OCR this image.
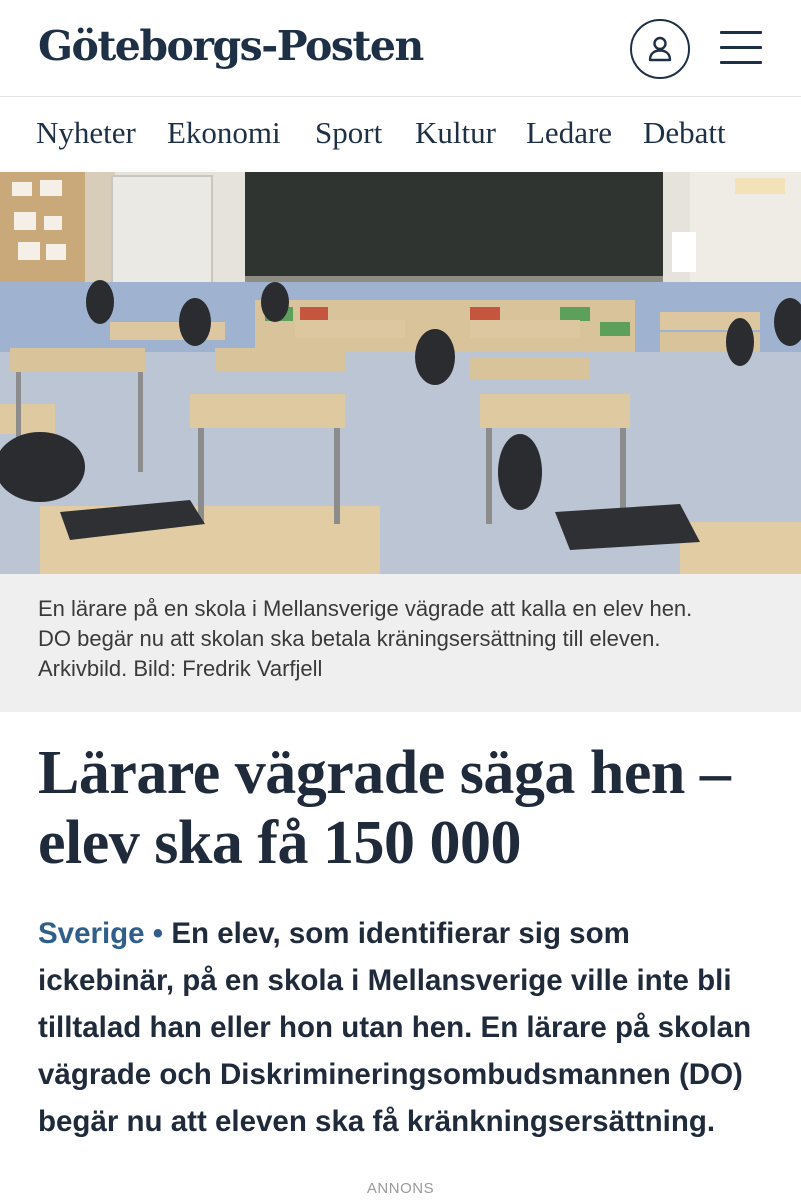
Göteborgs-Posten
Nyheter Ekonomi Sport Kultur Ledare Debatt

En lärare på en skola i Mellansverige vägrade att kalla en elev hen.
DO begär nu att skolan ska betala kräningsersättning till eleven.
Arkivbild. Bild: Fredrik Varfjell

Lärare vägrade säga hen –
elev ska få 150 000
Sverige • En elev, som identifierar sig som
ickebinär, på en skola i Mellansverige ville inte bli
tilltalad han eller hon utan hen. En lärare på skolan
vägrade och Diskrimineringsombudsmannen (DO)
begär nu att eleven ska få kränkningsersättning.
ANNONS
